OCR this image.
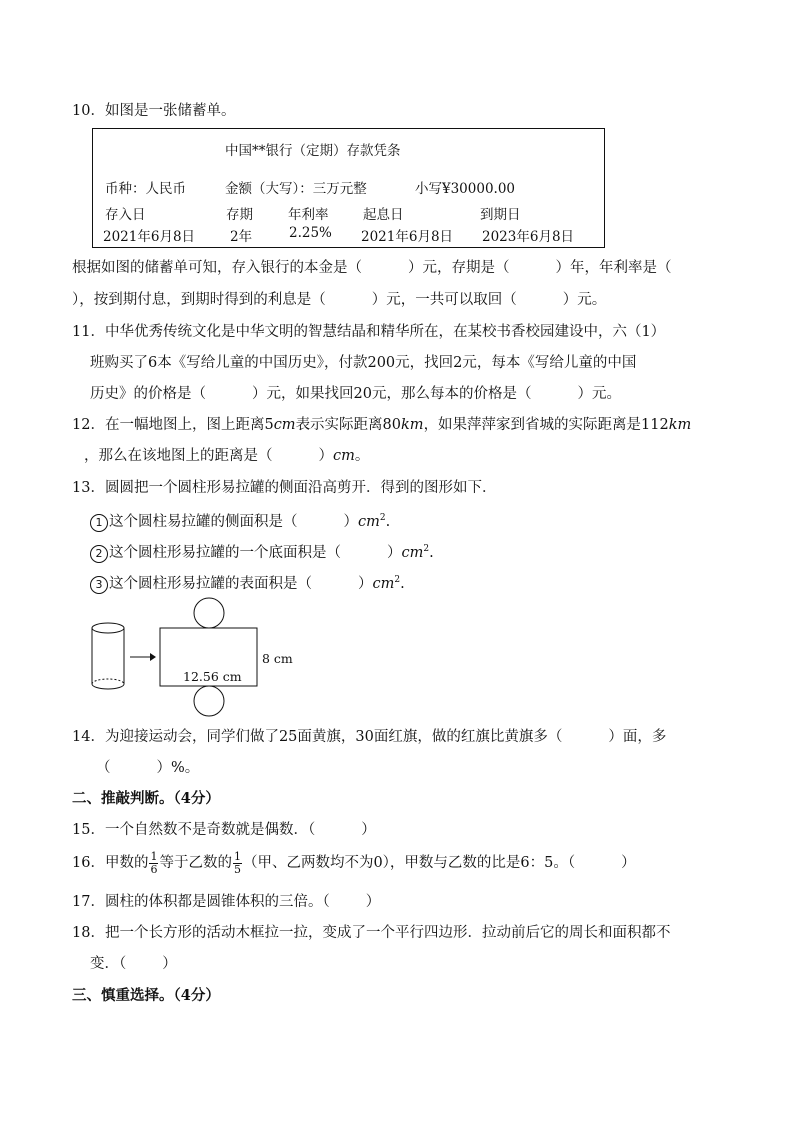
10．如图是一张储蓄单。
中国**银行（定期）存款凭条
币种：人民币	金额（大写）：三万元整	小写¥30000.00
存入日	存期	年利率	起息日	到期日
2021年6月8日	2年	2.25% 2021年6月8日 2023年6月8日
根据如图的储蓄单可知，存入银行的本金是（	）元，存期是（	）年，年利率是（
），按到期付息，到期时得到的利息是（	）元，一共可以取回（	）元。
11．中华优秀传统文化是中华文明的智慧结晶和精华所在，在某校书香校园建设中，六（1）
班购买了6本《写给儿童的中国历史》，付款200元，找回2元，每本《写给儿童的中国
历史》的价格是（	）元，如果找回20元，那么每本的价格是（	）元。
12．在一幅地图上，图上距离5cm表示实际距离80km，如果萍萍家到省城的实际距离是112km
，那么在该地图上的距离是（	）cm。
13．圆圆把一个圆柱形易拉罐的侧面沿高剪开．得到的图形如下．
1 这个圆柱易拉罐的侧面积是（	）$cm^2$.
2 这个圆柱形易拉罐的一个底面积是（	）$cm^2$.
3 这个圆柱形易拉罐的表面积是（	）$cm^2$.
12.56 cm
8 cm
14．为迎接运动会，同学们做了25面黄旗，30面红旗，做的红旗比黄旗多（	）面，多
（	）%。
二、推敲判断。（4分）
15．一个自然数不是奇数就是偶数．（	）
16．甲数的 $\frac{1}{6}$ 等于乙数的 $\frac{1}{5}$ （甲、乙两数均不为0），甲数与乙数的比是6：5。（	）
17．圆柱的体积都是圆锥体积的三倍。（ ）
18．把一个长方形的活动木框拉一拉，变成了一个平行四边形．拉动前后它的周长和面积都不
变．（ ）
三、慎重选择。（4分）
